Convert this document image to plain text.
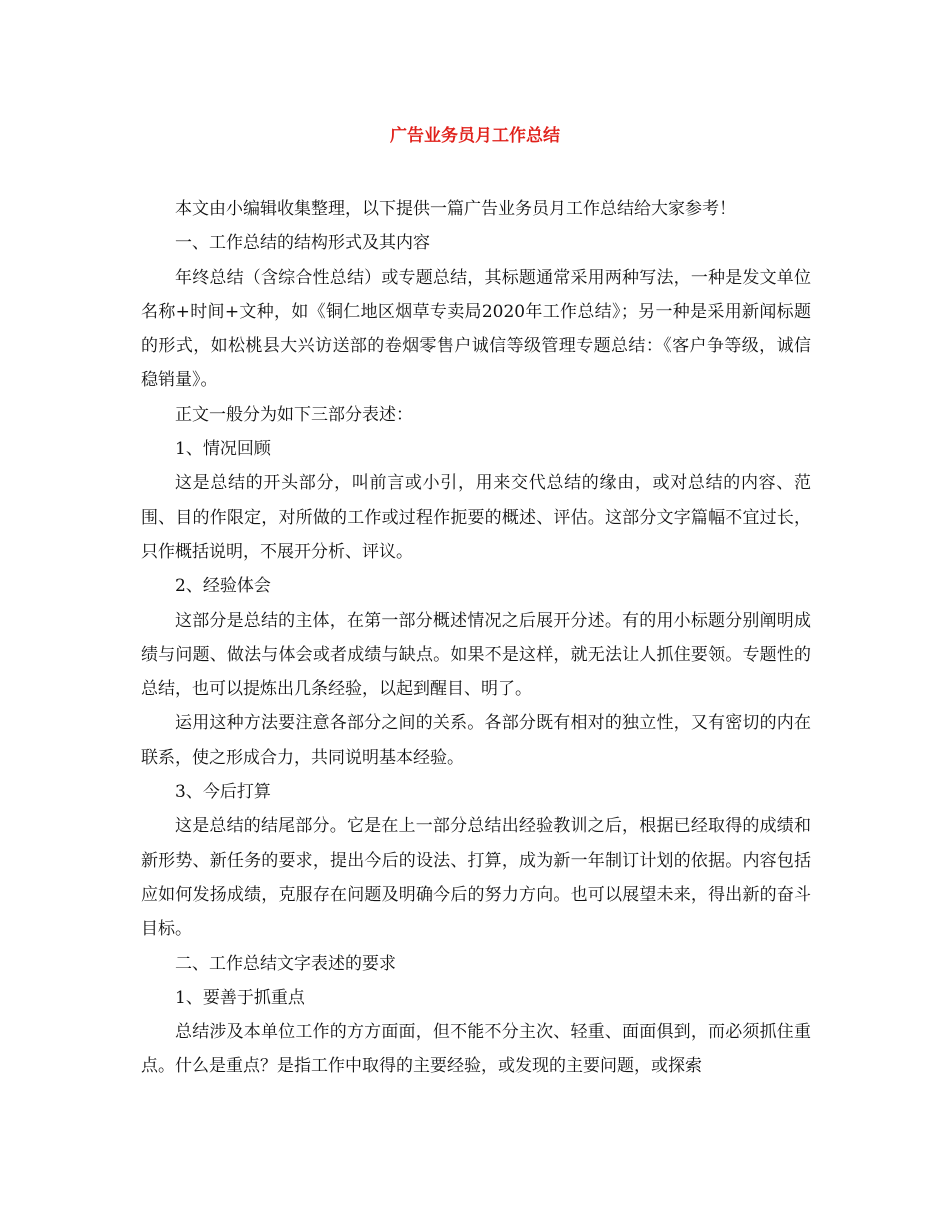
广告业务员月工作总结

本文由小编辑收集整理，以下提供一篇广告业务员月工作总结给大家参考！

一、工作总结的结构形式及其内容

年终总结（含综合性总结）或专题总结，其标题通常采用两种写法，一种是发文单位名称+时间+文种，如《铜仁地区烟草专卖局2020年工作总结》；另一种是采用新闻标题的形式，如松桃县大兴访送部的卷烟零售户诚信等级管理专题总结：《客户争等级，诚信稳销量》。

正文一般分为如下三部分表述：

1、情况回顾

这是总结的开头部分，叫前言或小引，用来交代总结的缘由，或对总结的内容、范围、目的作限定，对所做的工作或过程作扼要的概述、评估。这部分文字篇幅不宜过长，只作概括说明，不展开分析、评议。

2、经验体会

这部分是总结的主体，在第一部分概述情况之后展开分述。有的用小标题分别阐明成绩与问题、做法与体会或者成绩与缺点。如果不是这样，就无法让人抓住要领。专题性的总结，也可以提炼出几条经验，以起到醒目、明了。

运用这种方法要注意各部分之间的关系。各部分既有相对的独立性，又有密切的内在联系，使之形成合力，共同说明基本经验。

3、今后打算

这是总结的结尾部分。它是在上一部分总结出经验教训之后，根据已经取得的成绩和新形势、新任务的要求，提出今后的设法、打算，成为新一年制订计划的依据。内容包括应如何发扬成绩，克服存在问题及明确今后的努力方向。也可以展望未来，得出新的奋斗目标。

二、工作总结文字表述的要求

1、要善于抓重点

总结涉及本单位工作的方方面面，但不能不分主次、轻重、面面俱到，而必须抓住重点。什么是重点？是指工作中取得的主要经验，或发现的主要问题，或探索
